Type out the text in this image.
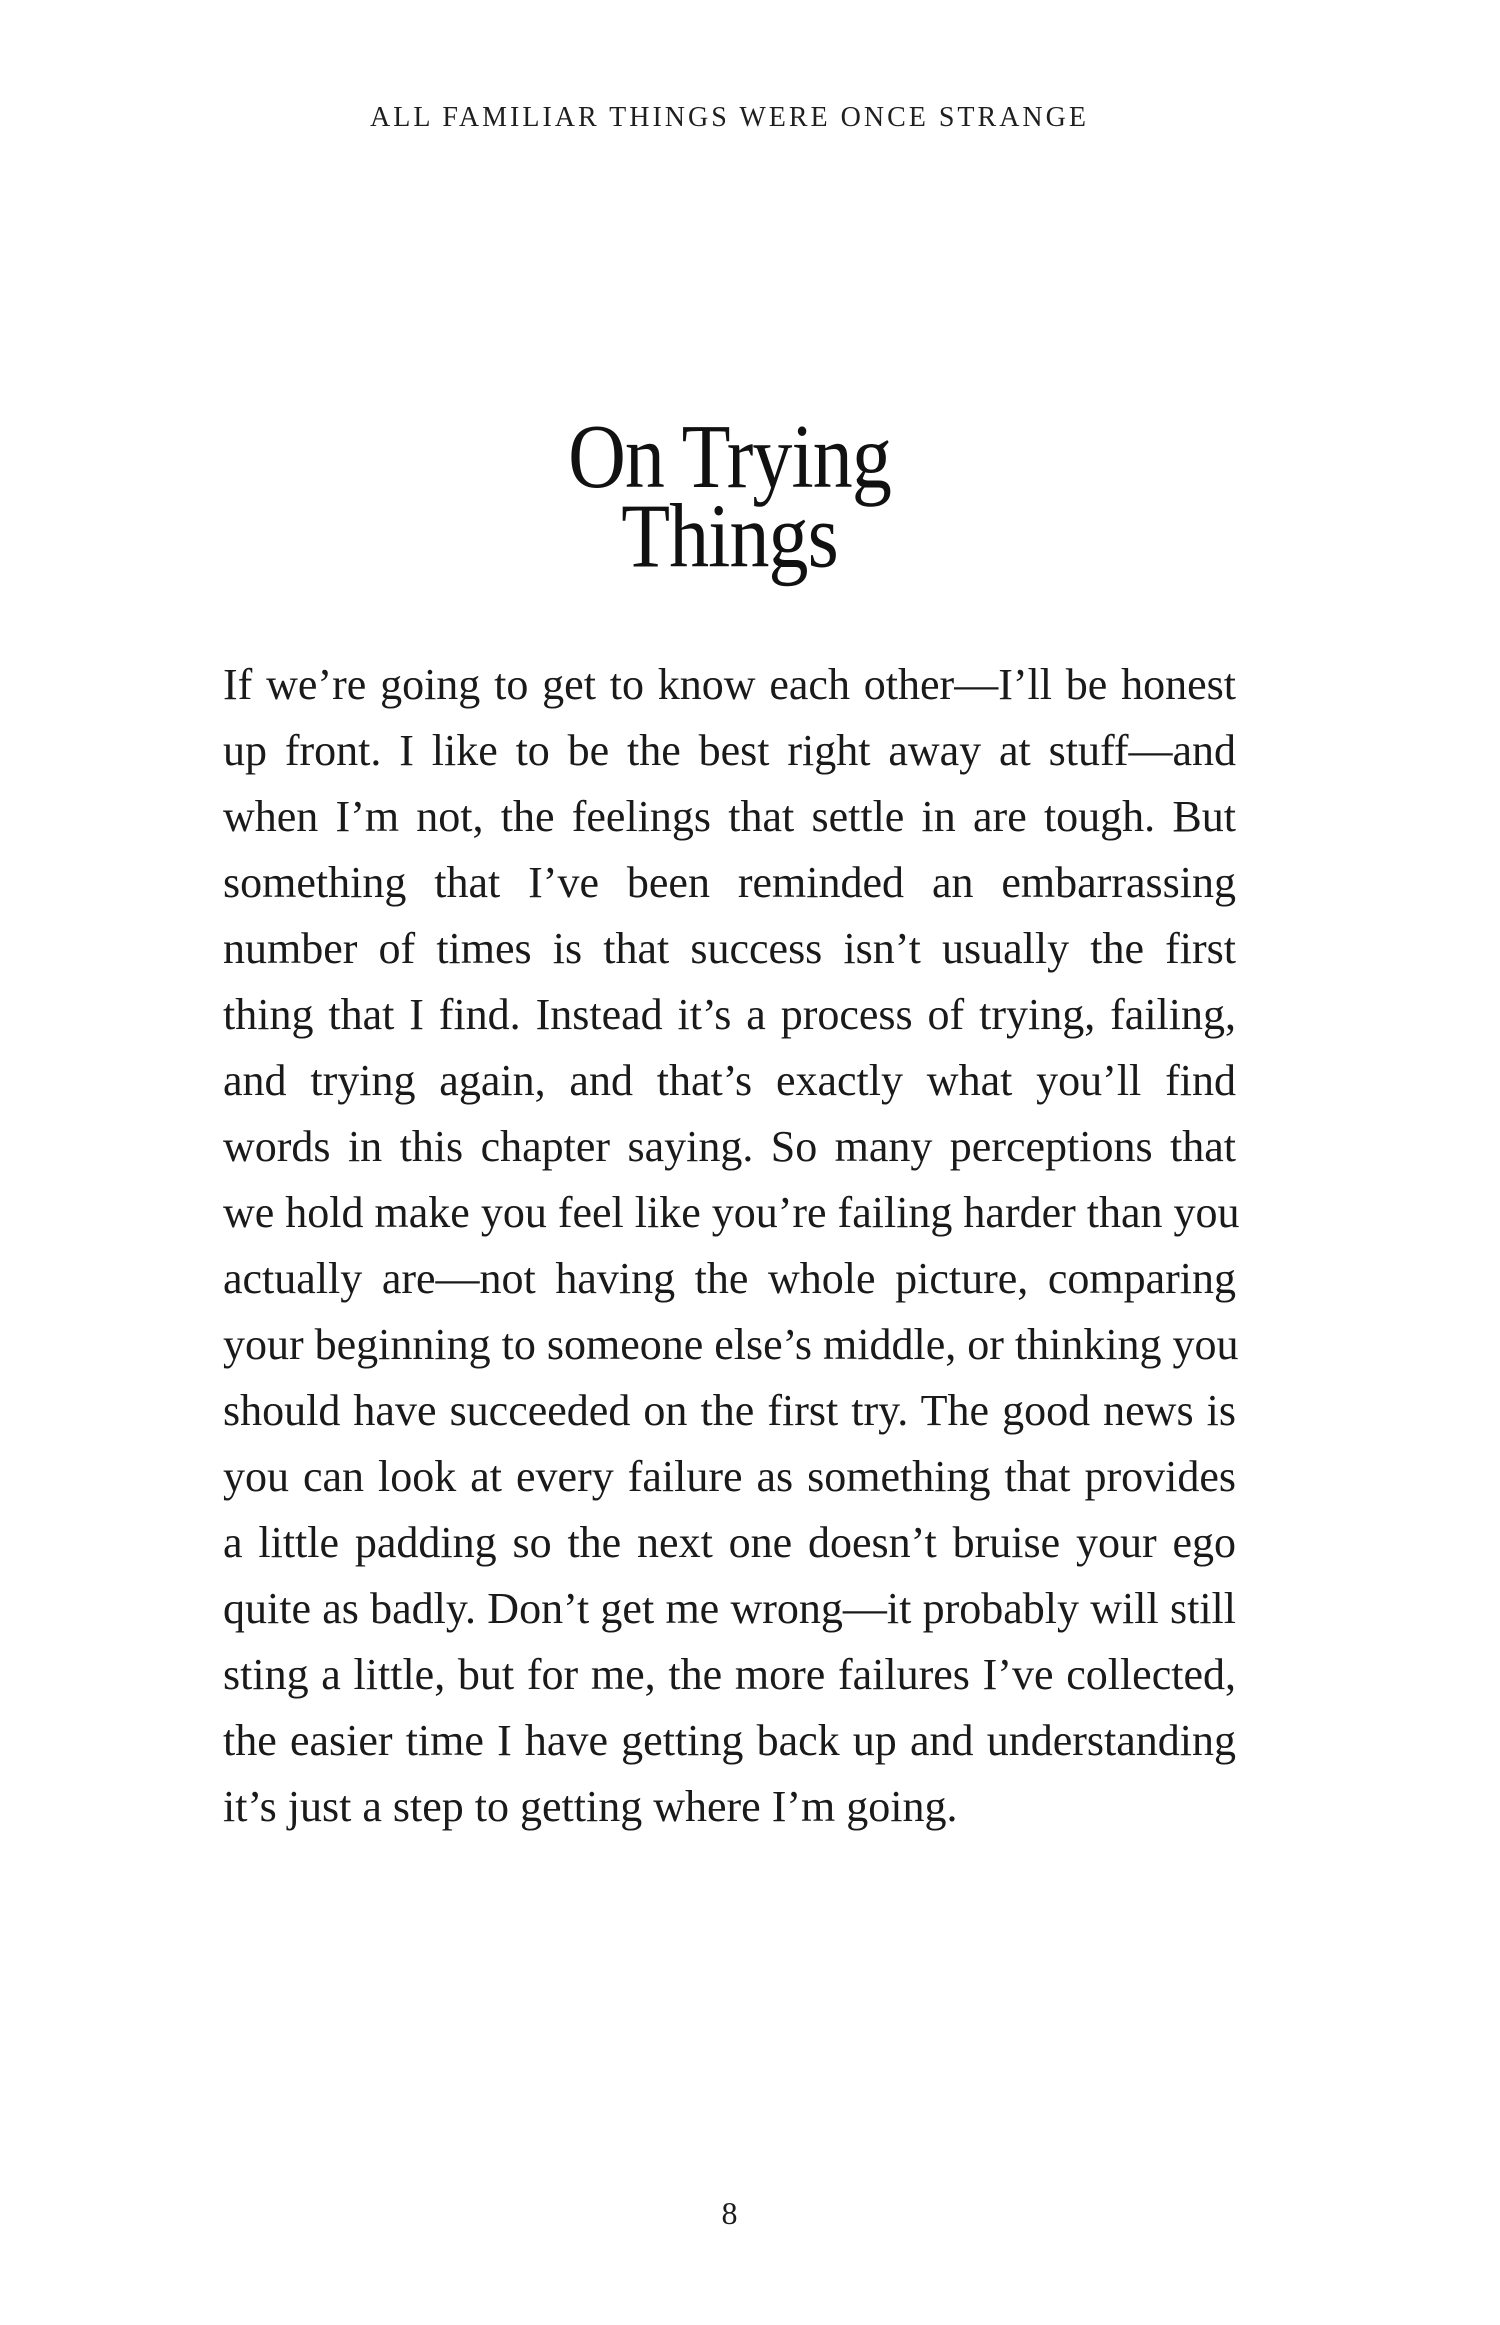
ALL FAMILIAR THINGS WERE ONCE STRANGE
On Trying
Things
If we’re going to get to know each other—I’ll be honest
up front. I like to be the best right away at stuff—and
when I’m not, the feelings that settle in are tough. But
something that I’ve been reminded an embarrassing
number of times is that success isn’t usually the first
thing that I find. Instead it’s a process of trying, failing,
and trying again, and that’s exactly what you’ll find
words in this chapter saying. So many perceptions that
we hold make you feel like you’re failing harder than you
actually are—not having the whole picture, comparing
your beginning to someone else’s middle, or thinking you
should have succeeded on the first try. The good news is
you can look at every failure as something that provides
a little padding so the next one doesn’t bruise your ego
quite as badly. Don’t get me wrong—it probably will still
sting a little, but for me, the more failures I’ve collected,
the easier time I have getting back up and understanding
it’s just a step to getting where I’m going.
8
